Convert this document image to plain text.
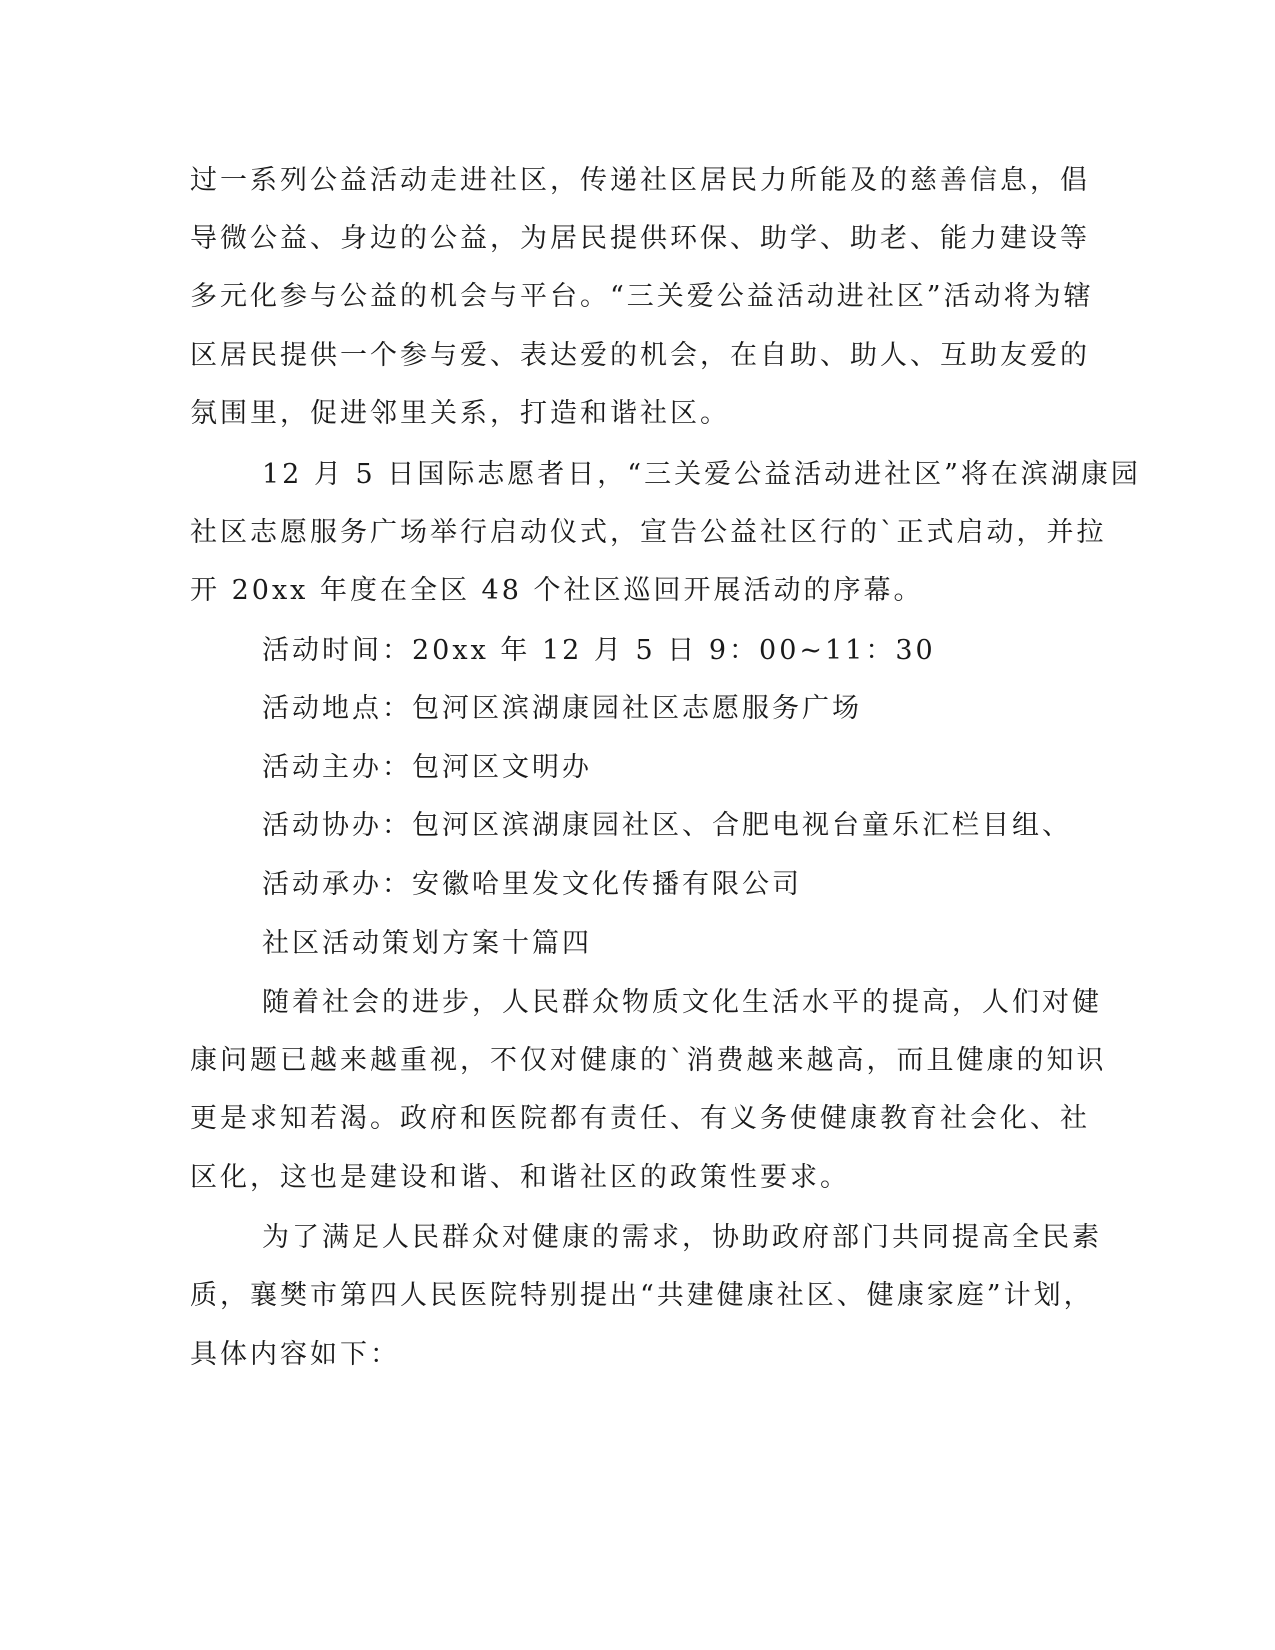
过一系列公益活动走进社区，传递社区居民力所能及的慈善信息，倡
导微公益、身边的公益，为居民提供环保、助学、助老、能力建设等
多元化参与公益的机会与平台。“三关爱公益活动进社区”活动将为辖
区居民提供一个参与爱、表达爱的机会，在自助、助人、互助友爱的
氛围里，促进邻里关系，打造和谐社区。
12 月 5 日国际志愿者日，“三关爱公益活动进社区”将在滨湖康园
社区志愿服务广场举行启动仪式，宣告公益社区行的`正式启动，并拉
开 20xx 年度在全区 48 个社区巡回开展活动的序幕。
活动时间：20xx 年 12 月 5 日 9：00~11：30
活动地点：包河区滨湖康园社区志愿服务广场
活动主办：包河区文明办
活动协办：包河区滨湖康园社区、合肥电视台童乐汇栏目组、
活动承办：安徽哈里发文化传播有限公司
社区活动策划方案十篇四
随着社会的进步，人民群众物质文化生活水平的提高，人们对健
康问题已越来越重视，不仅对健康的`消费越来越高，而且健康的知识
更是求知若渴。政府和医院都有责任、有义务使健康教育社会化、社
区化，这也是建设和谐、和谐社区的政策性要求。
为了满足人民群众对健康的需求，协助政府部门共同提高全民素
质，襄樊市第四人民医院特别提出“共建健康社区、健康家庭”计划，
具体内容如下：
